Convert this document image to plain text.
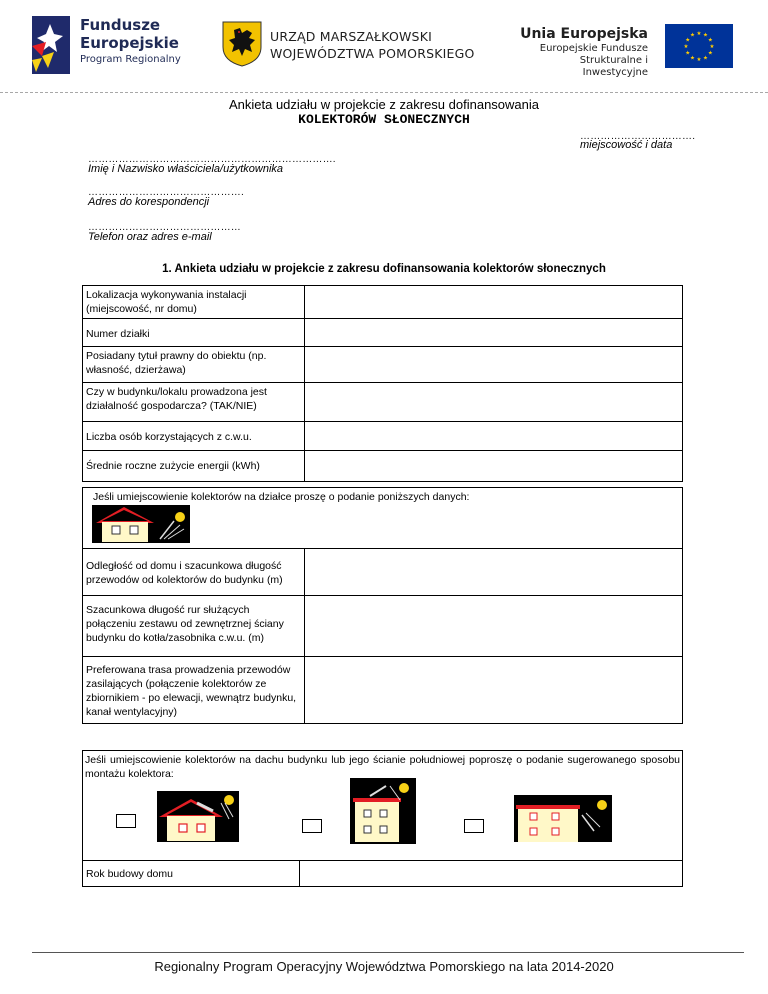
Fundusze
Europejskie
Program Regionalny
URZĄD MARSZAŁKOWSKI
WOJEWÓDZTWA POMORSKIEGO
Unia Europejska
Europejskie Fundusze
Strukturalne i Inwestycyjne
★ ★
★
★
★
★
★
★
★
★
★
★
Ankieta udziału w projekcie z zakresu dofinansowania
KOLEKTORÓW SŁONECZNYCH
…………………………….
miejscowość i data
……………………………………………………………….
Imię i Nazwisko właściciela/użytkownika
……………………………………….
Adres do korespondencji
………………………………………
Telefon oraz adres e-mail
1. Ankieta udziału w projekcie z zakresu dofinansowania kolektorów słonecznych
Lokalizacja wykonywania instalacji (miejscowość, nr domu)
Numer działki
Posiadany tytuł prawny do obiektu (np. własność, dzierżawa)
Czy w budynku/lokalu prowadzona jest działalność gospodarcza? (TAK/NIE)
Liczba osób korzystających z c.w.u.
Średnie roczne zużycie energii (kWh)
Jeśli umiejscowienie kolektorów na działce proszę o podanie poniższych danych:
Odległość od domu i szacunkowa długość przewodów od kolektorów do budynku (m)
Szacunkowa długość rur służących połączeniu zestawu od zewnętrznej ściany budynku do kotła/zasobnika c.w.u. (m)
Preferowana trasa prowadzenia przewodów zasilających (połączenie kolektorów ze zbiornikiem - po elewacji, wewnątrz budynku, kanał wentylacyjny)
Jeśli umiejscowienie kolektorów na dachu budynku lub jego ścianie południowej poproszę o podanie sugerowanego sposobu montażu kolektora:
Rok budowy domu
Regionalny Program Operacyjny Województwa Pomorskiego na lata 2014-2020
